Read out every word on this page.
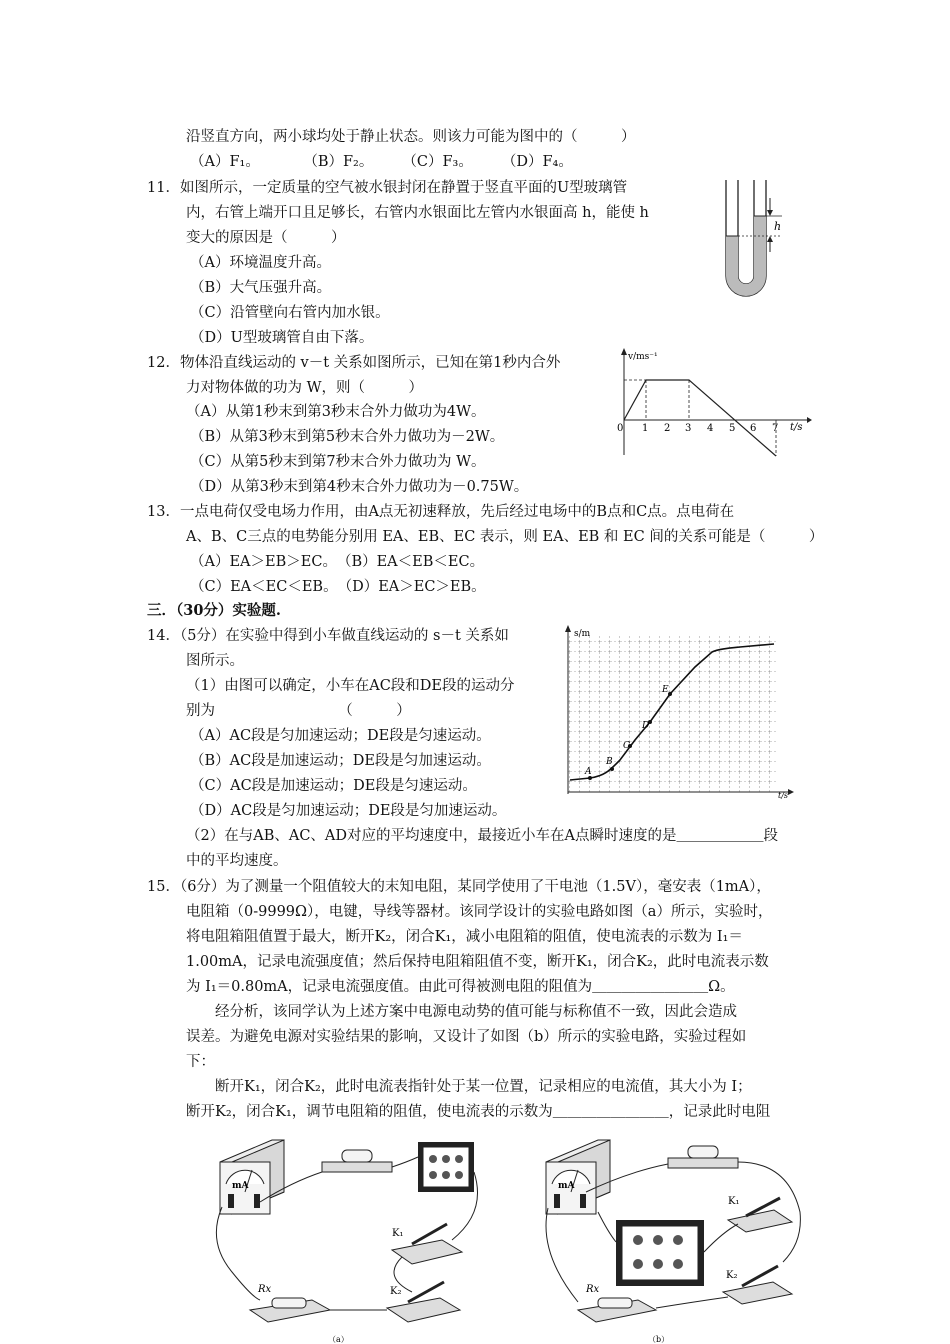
沿竖直方向，两小球均处于静止状态。则该力可能为图中的（　　　）
（A）F₁。　　　　（B）F₂。　　　（C）F₃。　　　（D）F₄。
11．如图所示，一定质量的空气被水银封闭在静置于竖直平面的U型玻璃管
内，右管上端开口且足够长，右管内水银面比左管内水银面高 h，能使 h
变大的原因是（　　　）
（A）环境温度升高。
（B）大气压强升高。
（C）沿管壁向右管内加水银。
（D）U型玻璃管自由下落。
h
12．物体沿直线运动的 v－t 关系如图所示，已知在第1秒内合外
力对物体做的功为 W，则（　　　）
（A）从第1秒末到第3秒末合外力做功为4W。
（B）从第3秒末到第5秒末合外力做功为－2W。
（C）从第5秒末到第7秒末合外力做功为 W。
（D）从第3秒末到第4秒末合外力做功为－0.75W。
v/ms⁻¹
t/s
0 1 2 3 4 5 6 7
13．一点电荷仅受电场力作用，由A点无初速释放，先后经过电场中的B点和C点。点电荷在
A、B、C三点的电势能分别用 EA、EB、EC 表示，则 EA、EB 和 EC 间的关系可能是（　　　）
（A）EA＞EB＞EC。　（B）EA＜EB＜EC。
（C）EA＜EC＜EB。　（D）EA＞EC＞EB。
三．（30分）实验题.
14．（5分）在实验中得到小车做直线运动的 s－t 关系如
图所示。
（1）由图可以确定，小车在AC段和DE段的运动分
别为　　　　　　　　　（　　　）
（A）AC段是匀加速运动；DE段是匀速运动。
（B）AC段是加速运动；DE段是匀加速运动。
（C）AC段是加速运动；DE段是匀速运动。
（D）AC段是匀加速运动；DE段是匀加速运动。
（2）在与AB、AC、AD对应的平均速度中，最接近小车在A点瞬时速度的是＿＿＿＿＿＿段
中的平均速度。
s/m
t/s
A
B
C
D
E
15．（6分）为了测量一个阻值较大的末知电阻，某同学使用了干电池（1.5V），毫安表（1mA），
电阻箱（0-9999Ω），电键，导线等器材。该同学设计的实验电路如图（a）所示，实验时，
将电阻箱阻值置于最大，断开K₂，闭合K₁，减小电阻箱的阻值，使电流表的示数为 I₁＝
1.00mA，记录电流强度值；然后保持电阻箱阻值不变，断开K₁，闭合K₂，此时电流表示数
为 I₁＝0.80mA，记录电流强度值。由此可得被测电阻的阻值为＿＿＿＿＿＿＿＿Ω。
　　经分析，该同学认为上述方案中电源电动势的值可能与标称值不一致，因此会造成
误差。为避免电源对实验结果的影响，又设计了如图（b）所示的实验电路，实验过程如
下：
　　断开K₁，闭合K₂，此时电流表指针处于某一位置，记录相应的电流值，其大小为 I；
断开K₂，闭合K₁，调节电阻箱的阻值，使电流表的示数为＿＿＿＿＿＿＿＿，记录此时电阻
mA
K₁
K₂
Rx
（a）
mA
K₁
K₂
Rx
（b）
